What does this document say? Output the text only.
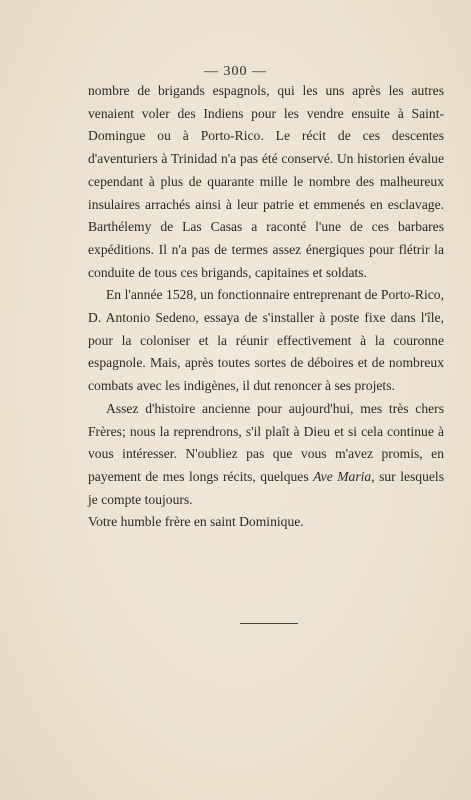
— 300 —

nombre de brigands espagnols, qui les uns après les autres venaient voler des Indiens pour les vendre ensuite à Saint-Domingue ou à Porto-Rico. Le récit de ces descentes d'aventuriers à Trinidad n'a pas été conservé. Un historien évalue cependant à plus de quarante mille le nombre des malheureux insulaires arrachés ainsi à leur patrie et emmenés en esclavage. Barthélemy de Las Casas a raconté l'une de ces barbares expéditions. Il n'a pas de termes assez énergiques pour flétrir la conduite de tous ces brigands, capitaines et soldats.

En l'année 1528, un fonctionnaire entreprenant de Porto-Rico, D. Antonio Sedeno, essaya de s'installer à poste fixe dans l'île, pour la coloniser et la réunir effectivement à la couronne espagnole. Mais, après toutes sortes de déboires et de nombreux combats avec les indigènes, il dut renoncer à ses projets.

Assez d'histoire ancienne pour aujourd'hui, mes très chers Frères; nous la reprendrons, s'il plaît à Dieu et si cela continue à vous intéresser. N'oubliez pas que vous m'avez promis, en payement de mes longs récits, quelques Ave Maria, sur lesquels je compte toujours.

Votre humble frère en saint Dominique.
